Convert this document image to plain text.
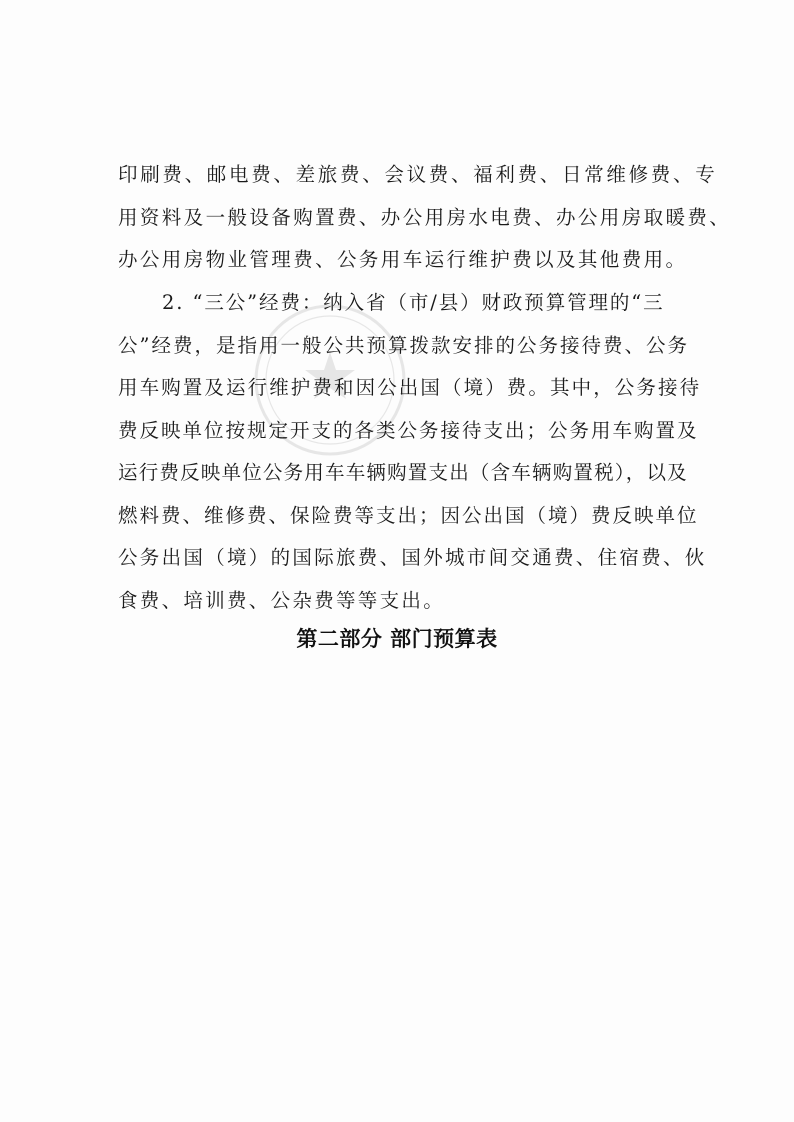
印刷费、邮电费、差旅费、会议费、福利费、日常维修费、专
用资料及一般设备购置费、办公用房水电费、办公用房取暖费、
办公用房物业管理费、公务用车运行维护费以及其他费用。
2. “三公”经费：纳入省（市/县）财政预算管理的“三
公”经费，是指用一般公共预算拨款安排的公务接待费、公务
用车购置及运行维护费和因公出国（境）费。其中，公务接待
费反映单位按规定开支的各类公务接待支出；公务用车购置及
运行费反映单位公务用车车辆购置支出（含车辆购置税），以及
燃料费、维修费、保险费等支出；因公出国（境）费反映单位
公务出国（境）的国际旅费、国外城市间交通费、住宿费、伙
食费、培训费、公杂费等等支出。
第二部分 部门预算表
